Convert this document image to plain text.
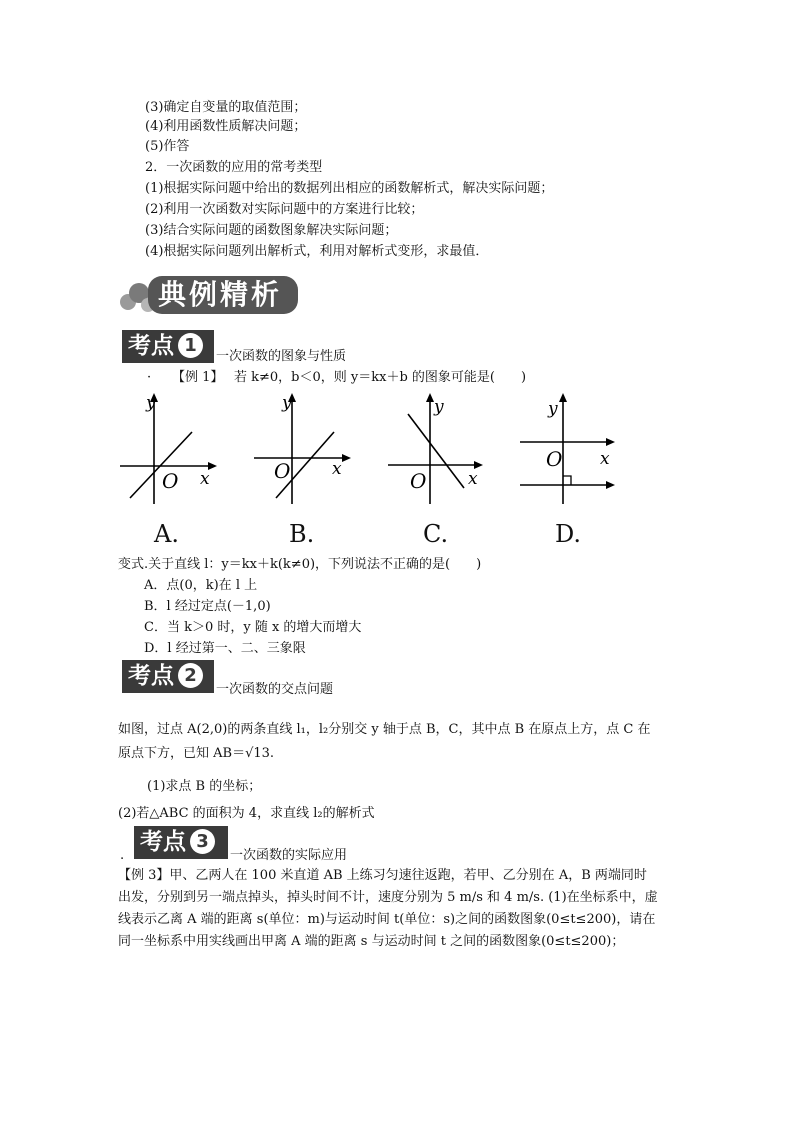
(3)确定自变量的取值范围；
(4)利用函数性质解决问题；
(5)作答
2．一次函数的应用的常考类型
(1)根据实际问题中给出的数据列出相应的函数解析式，解决实际问题；
(2)利用一次函数对实际问题中的方案进行比较；
(3)结合实际问题的函数图象解决实际问题；
(4)根据实际问题列出解析式，利用对解析式变形，求最值．
典例精析
考点 1
一次函数的图象与性质
· 【例 1】 若 k≠0，b＜0，则 y＝kx＋b 的图象可能是(　　)
y
x
O
y
x
O
y
x
O
y
x
O
A.	B.	C.	D.
变式.关于直线 l：y＝kx＋k(k≠0)，下列说法不正确的是(　　)
A．点(0，k)在 l 上
B．l 经过定点(－1,0)
C．当 k＞0 时，y 随 x 的增大而增大
D．l 经过第一、二、三象限
考点 2
一次函数的交点问题
如图，过点 A(2,0)的两条直线 l₁，l₂分别交 y 轴于点 B，C，其中点 B 在原点上方，点 C 在
原点下方，已知 AB＝√13.
(1)求点 B 的坐标；
(2)若△ABC 的面积为 4，求直线 l₂的解析式
.
考点 3
一次函数的实际应用
【例 3】甲、乙两人在 100 米直道 AB 上练习匀速往返跑，若甲、乙分别在 A，B 两端同时
出发，分别到另一端点掉头，掉头时间不计，速度分别为 5 m/s 和 4 m/s. (1)在坐标系中，虚
线表示乙离 A 端的距离 s(单位：m)与运动时间 t(单位：s)之间的函数图象(0≤t≤200)，请在
同一坐标系中用实线画出甲离 A 端的距离 s 与运动时间 t 之间的函数图象(0≤t≤200)；
